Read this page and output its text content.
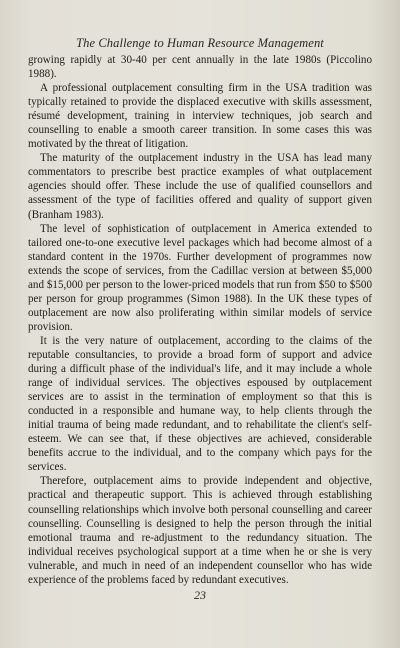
The Challenge to Human Resource Management

growing rapidly at 30-40 per cent annually in the late 1980s (Piccolino 1988).

A professional outplacement consulting firm in the USA tradition was typically retained to provide the displaced executive with skills assessment, résumé development, training in interview techniques, job search and counselling to enable a smooth career transition. In some cases this was motivated by the threat of litigation.

The maturity of the outplacement industry in the USA has lead many commentators to prescribe best practice examples of what outplacement agencies should offer. These include the use of qualified counsellors and assessment of the type of facilities offered and quality of support given (Branham 1983).

The level of sophistication of outplacement in America extended to tailored one-to-one executive level packages which had become almost of a standard content in the 1970s. Further development of programmes now extends the scope of services, from the Cadillac version at between $5,000 and $15,000 per person to the lower-priced models that run from $50 to $500 per person for group programmes (Simon 1988). In the UK these types of outplacement are now also proliferating within similar models of service provision.

It is the very nature of outplacement, according to the claims of the reputable consultancies, to provide a broad form of support and advice during a difficult phase of the individual's life, and it may include a whole range of individual services. The objectives espoused by outplacement services are to assist in the termination of employment so that this is conducted in a responsible and humane way, to help clients through the initial trauma of being made redundant, and to rehabilitate the client's self-esteem. We can see that, if these objectives are achieved, considerable benefits accrue to the individual, and to the company which pays for the services.

Therefore, outplacement aims to provide independent and objective, practical and therapeutic support. This is achieved through establishing counselling relationships which involve both personal counselling and career counselling. Counselling is designed to help the person through the initial emotional trauma and re-adjustment to the redundancy situation. The individual receives psychological support at a time when he or she is very vulnerable, and much in need of an independent counsellor who has wide experience of the problems faced by redundant executives.

23
